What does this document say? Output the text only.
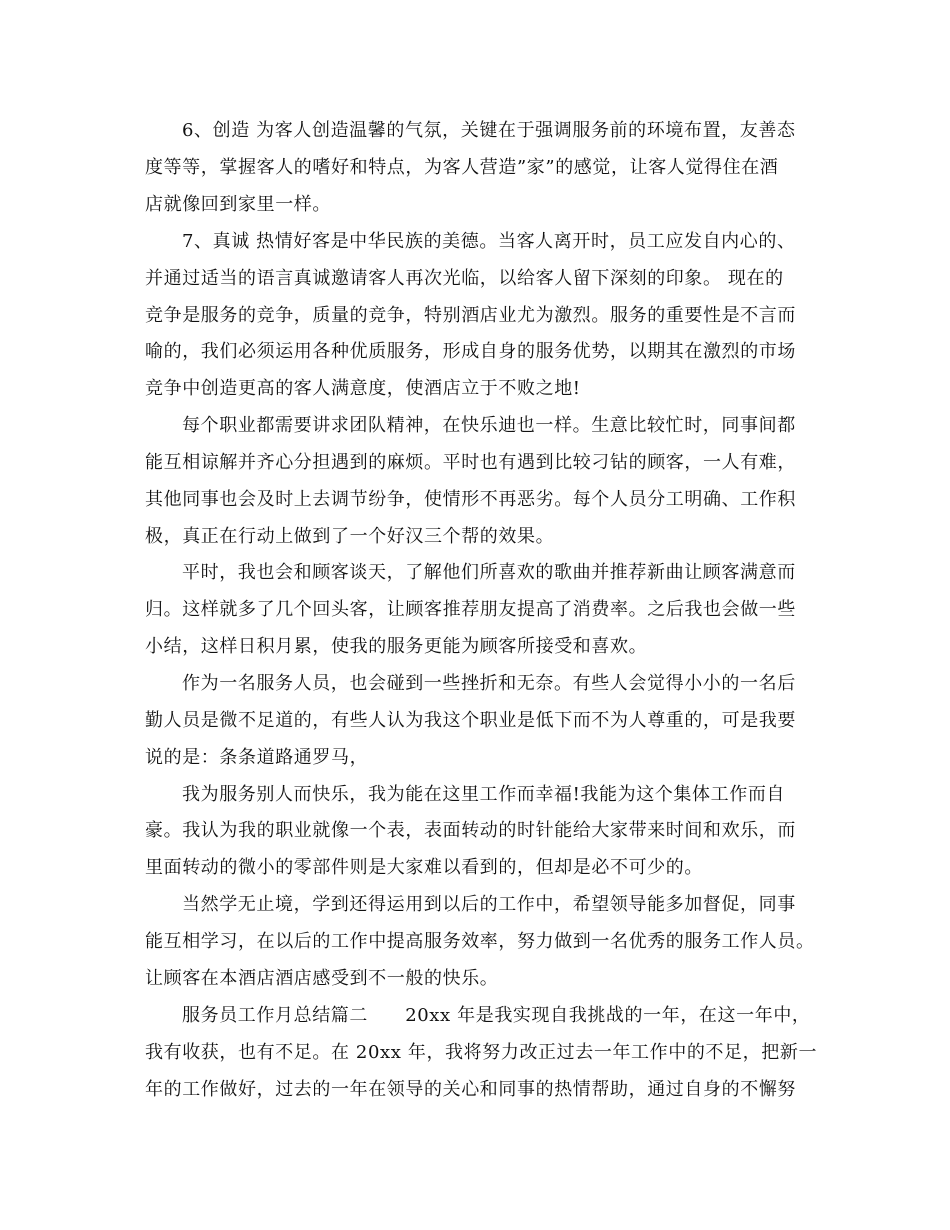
6、创造 为客人创造温馨的气氛，关键在于强调服务前的环境布置，友善态
度等等，掌握客人的嗜好和特点，为客人营造”家”的感觉，让客人觉得住在酒
店就像回到家里一样。
7、真诚 热情好客是中华民族的美德。当客人离开时，员工应发自内心的、
并通过适当的语言真诚邀请客人再次光临，以给客人留下深刻的印象。 现在的
竞争是服务的竞争，质量的竞争，特别酒店业尤为激烈。服务的重要性是不言而
喻的，我们必须运用各种优质服务，形成自身的服务优势，以期其在激烈的市场
竞争中创造更高的客人满意度，使酒店立于不败之地!
每个职业都需要讲求团队精神，在快乐迪也一样。生意比较忙时，同事间都
能互相谅解并齐心分担遇到的麻烦。平时也有遇到比较刁钻的顾客，一人有难，
其他同事也会及时上去调节纷争，使情形不再恶劣。每个人员分工明确、工作积
极，真正在行动上做到了一个好汉三个帮的效果。
平时，我也会和顾客谈天，了解他们所喜欢的歌曲并推荐新曲让顾客满意而
归。这样就多了几个回头客，让顾客推荐朋友提高了消费率。之后我也会做一些
小结，这样日积月累，使我的服务更能为顾客所接受和喜欢。
作为一名服务人员，也会碰到一些挫折和无奈。有些人会觉得小小的一名后
勤人员是微不足道的，有些人认为我这个职业是低下而不为人尊重的，可是我要
说的是：条条道路通罗马，
我为服务别人而快乐，我为能在这里工作而幸福!我能为这个集体工作而自
豪。我认为我的职业就像一个表，表面转动的时针能给大家带来时间和欢乐，而
里面转动的微小的零部件则是大家难以看到的，但却是必不可少的。
当然学无止境，学到还得运用到以后的工作中，希望领导能多加督促，同事
能互相学习，在以后的工作中提高服务效率，努力做到一名优秀的服务工作人员。
让顾客在本酒店酒店感受到不一般的快乐。
服务员工作月总结篇二　　20xx 年是我实现自我挑战的一年，在这一年中，
我有收获，也有不足。在 20xx 年，我将努力改正过去一年工作中的不足，把新一
年的工作做好，过去的一年在领导的关心和同事的热情帮助，通过自身的不懈努
